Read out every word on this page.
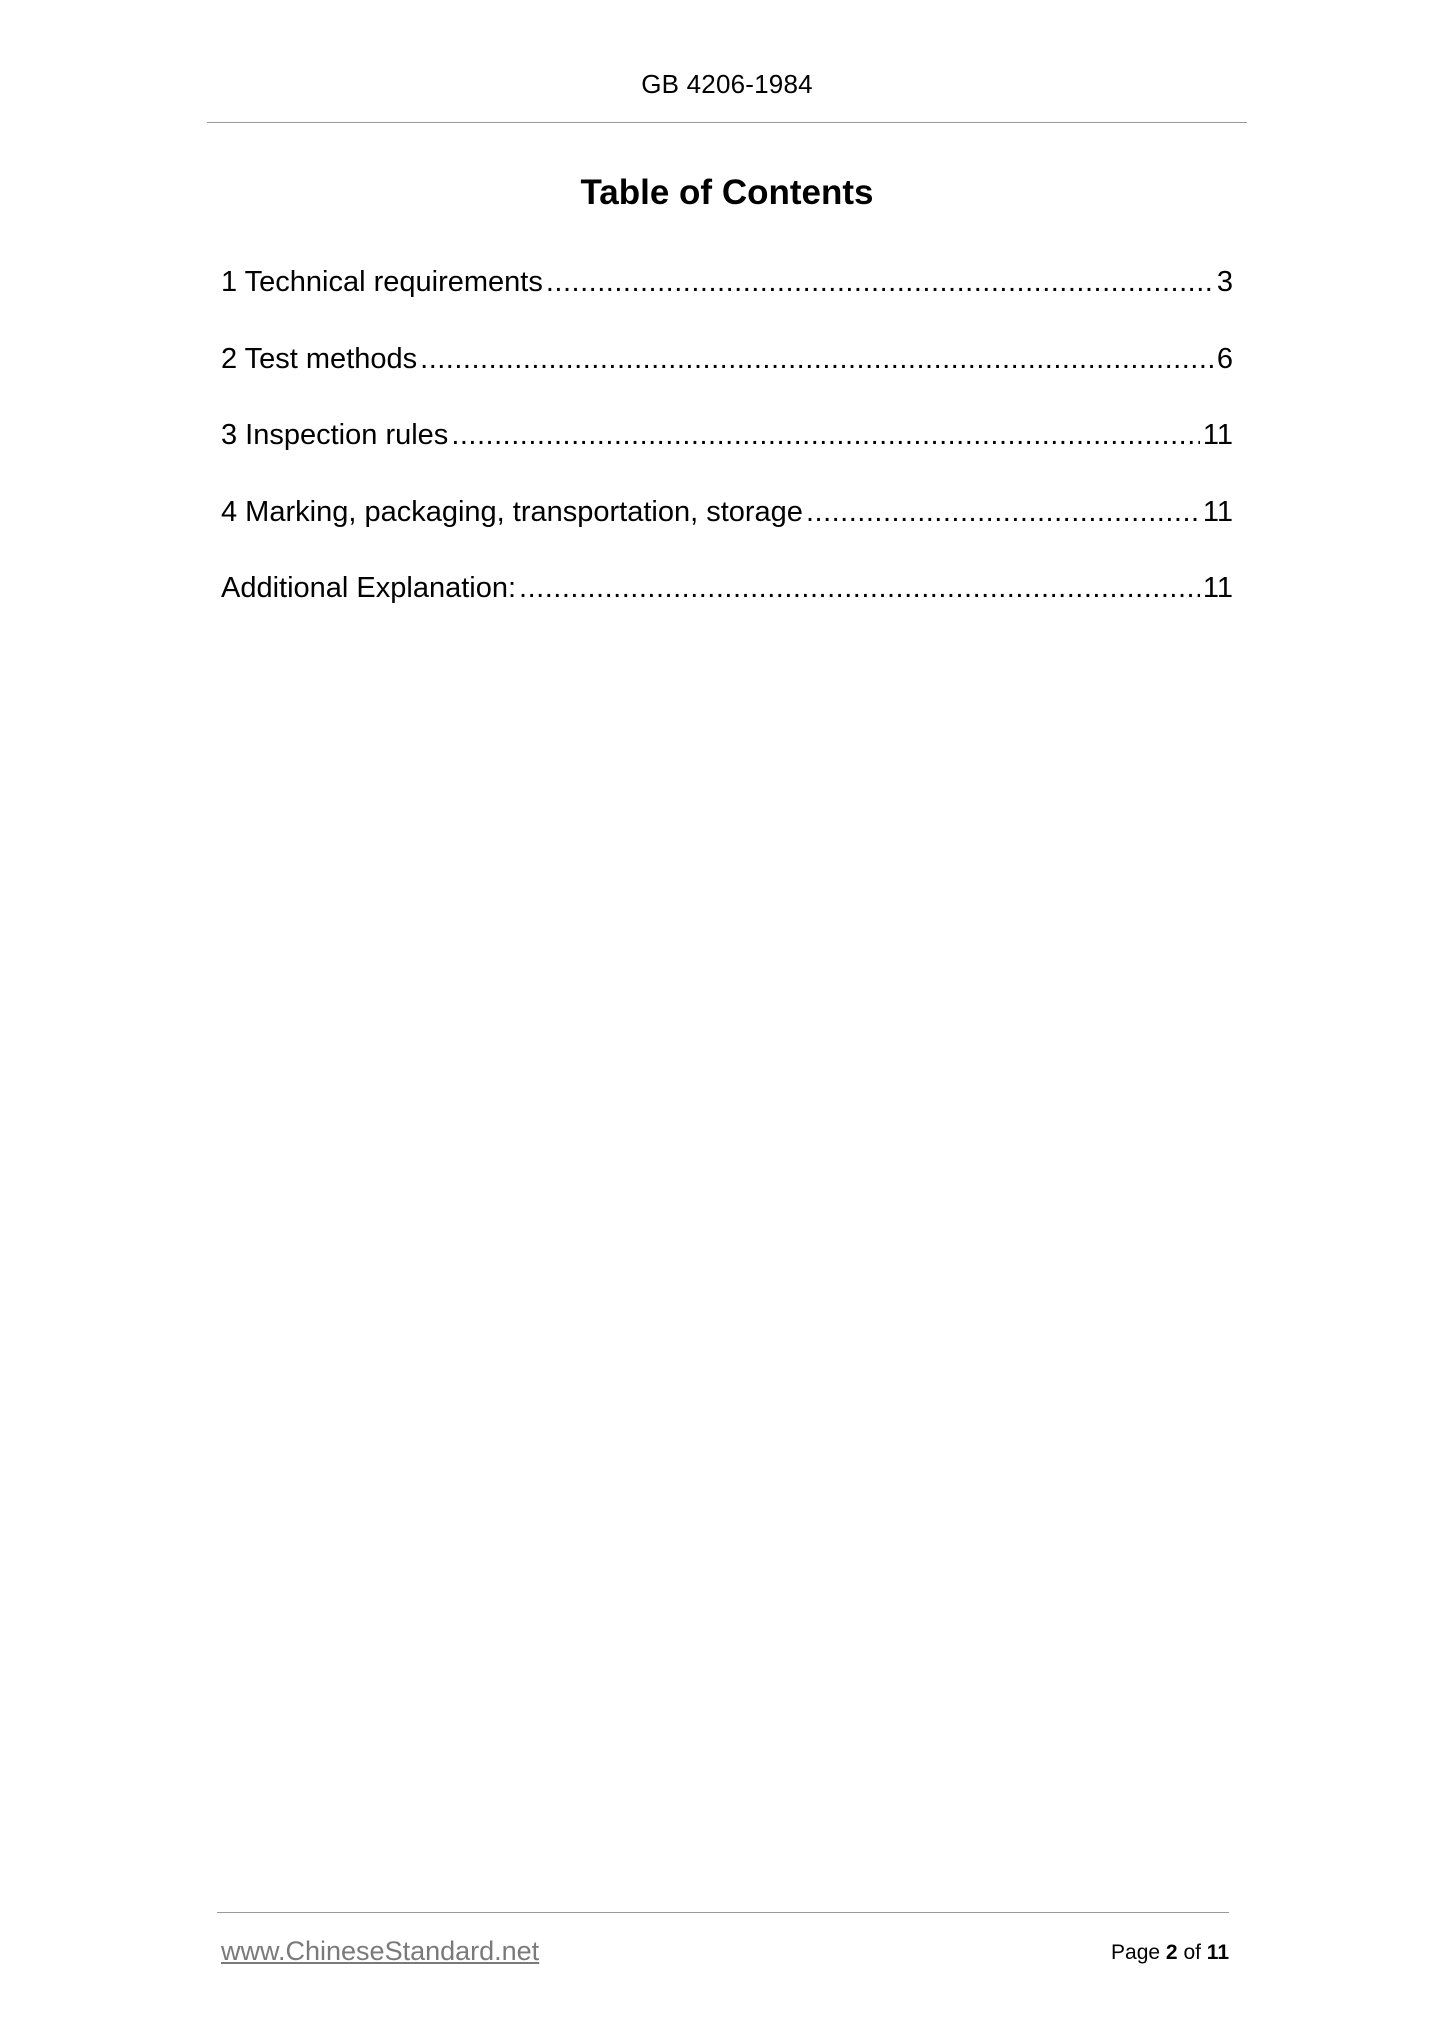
GB 4206-1984
Table of Contents
1 Technical requirements .....	3
2 Test methods .....	6
3 Inspection rules .....	11
4 Marking, packaging, transportation, storage .....	11
Additional Explanation: .....	11
www.ChineseStandard.net	Page 2 of 11
